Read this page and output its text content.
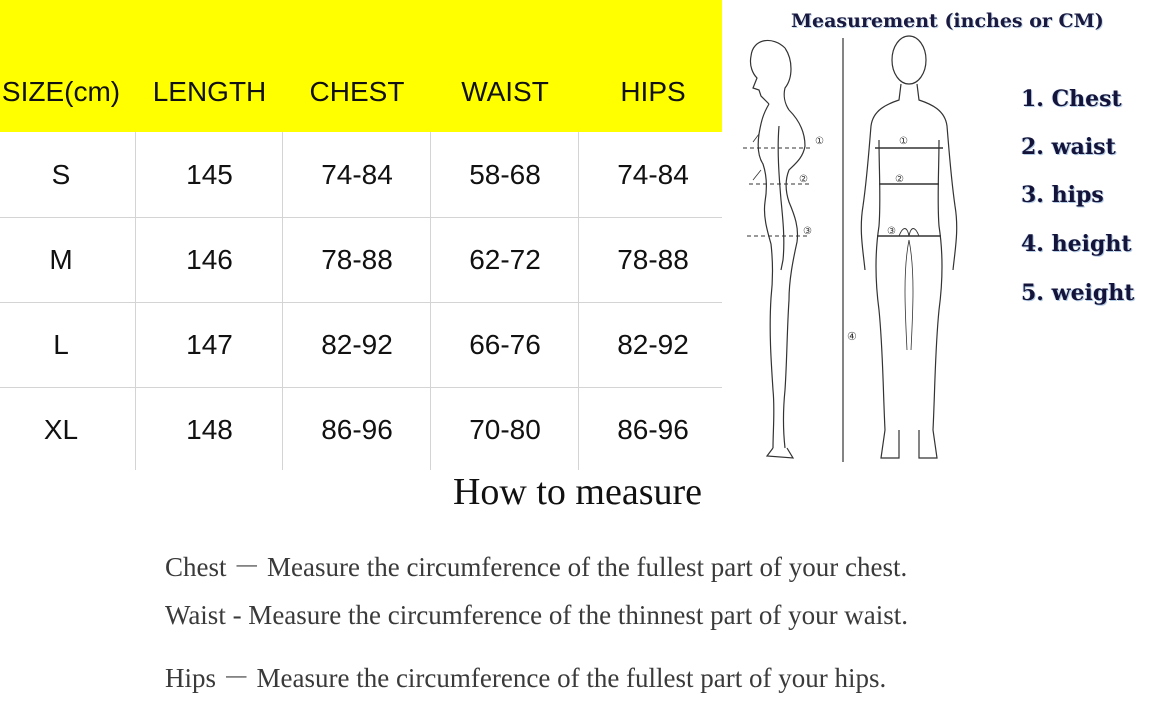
SIZE(cm)	LENGTH	CHEST	WAIST	HIPS
S	145	74-84	58-68	74-84
M	146	78-88	62-72	78-88
L	147	82-92	66-76	82-92
XL	148	86-96	70-80	86-96
Measurement (inches or CM)
①
②
③
④
①
②
③
1. Chest
2. waist
3. hips
4. height
5. weight
How to measure
Chest － Measure the circumference of the fullest part of your chest.
Waist - Measure the circumference of the thinnest part of your waist.
Hips － Measure the circumference of the fullest part of your hips.
